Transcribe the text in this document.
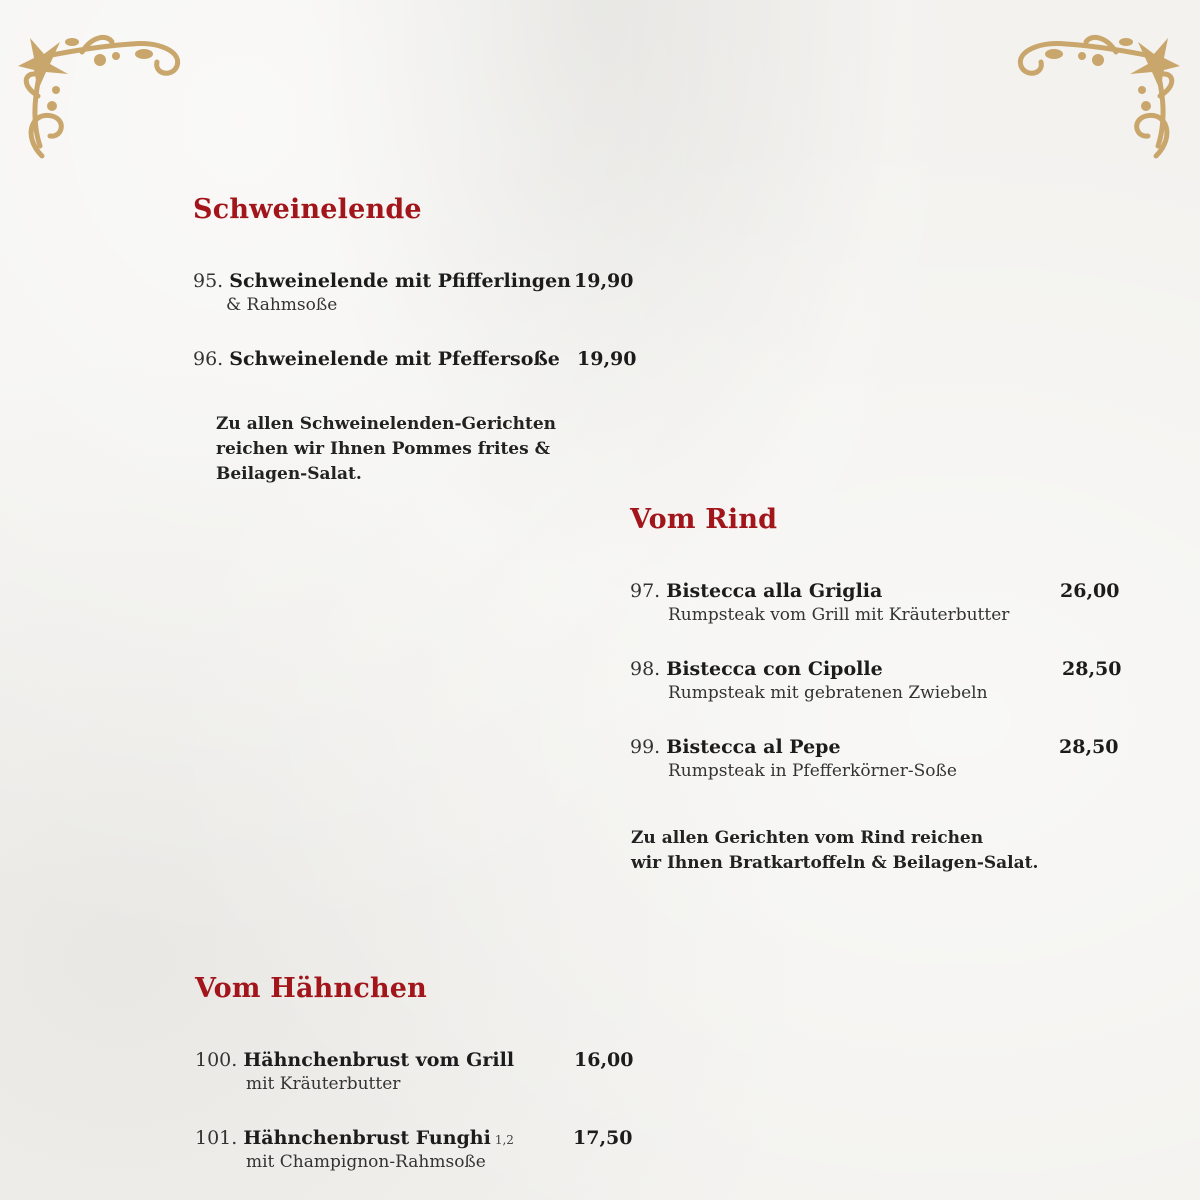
Schweinelende
95. Schweinelende mit Pfifferlingen 19,90
& Rahmsoße
96. Schweinelende mit Pfeffersoße 19,90

Zu allen Schweinelenden-Gerichten
reichen wir Ihnen Pommes frites &
Beilagen-Salat.

Vom Rind
97. Bistecca alla Griglia	26,00
Rumpsteak vom Grill mit Kräuterbutter
98. Bistecca con Cipolle	28,50
Rumpsteak mit gebratenen Zwiebeln
99. Bistecca al Pepe	28,50
Rumpsteak in Pfefferkörner-Soße

Zu allen Gerichten vom Rind reichen
wir Ihnen Bratkartoffeln & Beilagen-Salat.

Vom Hähnchen
100. Hähnchenbrust vom Grill	16,00
mit Kräuterbutter
101. Hähnchenbrust Funghi 1,2	17,50
mit Champignon-Rahmsoße
